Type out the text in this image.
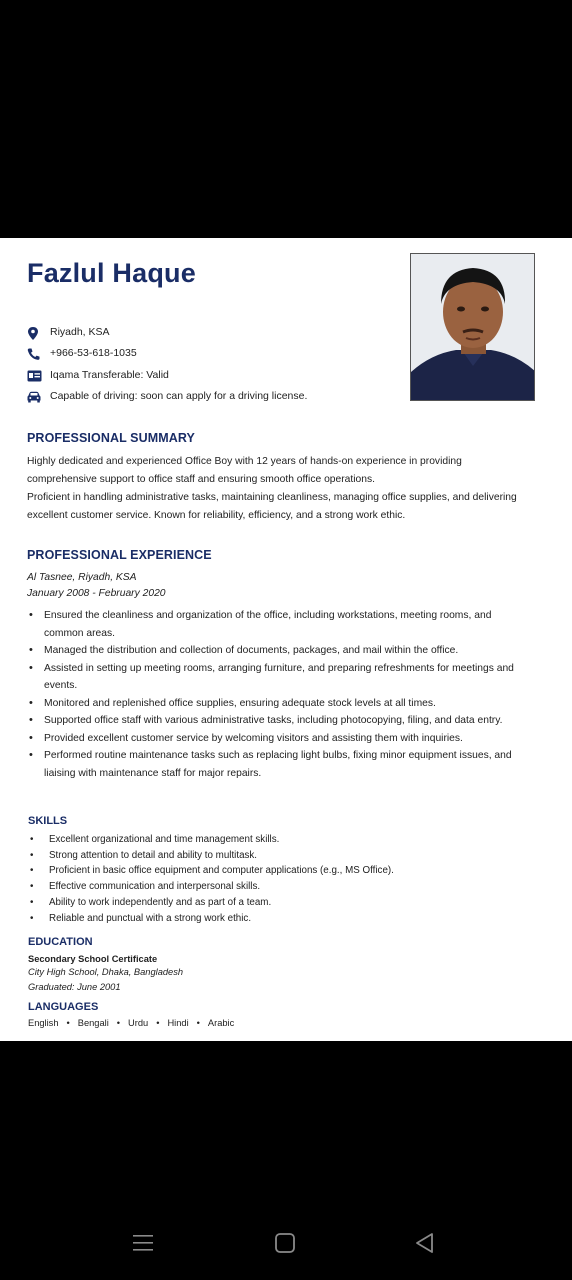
Fazlul Haque
Riyadh, KSA
+966-53-618-1035
Iqama Transferable: Valid
Capable of driving: soon can apply for a driving license.
PROFESSIONAL SUMMARY
Highly dedicated and experienced Office Boy with 12 years of hands-on experience in providing comprehensive support to office staff and ensuring smooth office operations.
Proficient in handling administrative tasks, maintaining cleanliness, managing office supplies, and delivering excellent customer service. Known for reliability, efficiency, and a strong work ethic.
PROFESSIONAL EXPERIENCE
Al Tasnee, Riyadh, KSA
January 2008 - February 2020
• Ensured the cleanliness and organization of the office, including workstations, meeting rooms, and common areas.
• Managed the distribution and collection of documents, packages, and mail within the office.
• Assisted in setting up meeting rooms, arranging furniture, and preparing refreshments for meetings and events.
• Monitored and replenished office supplies, ensuring adequate stock levels at all times.
• Supported office staff with various administrative tasks, including photocopying, filing, and data entry.
• Provided excellent customer service by welcoming visitors and assisting them with inquiries.
• Performed routine maintenance tasks such as replacing light bulbs, fixing minor equipment issues, and liaising with maintenance staff for major repairs.
SKILLS
• Excellent organizational and time management skills.
• Strong attention to detail and ability to multitask.
• Proficient in basic office equipment and computer applications (e.g., MS Office).
• Effective communication and interpersonal skills.
• Ability to work independently and as part of a team.
• Reliable and punctual with a strong work ethic.
EDUCATION
Secondary School Certificate
City High School, Dhaka, Bangladesh
Graduated: June 2001
LANGUAGES
English • Bengali • Urdu • Hindi • Arabic
